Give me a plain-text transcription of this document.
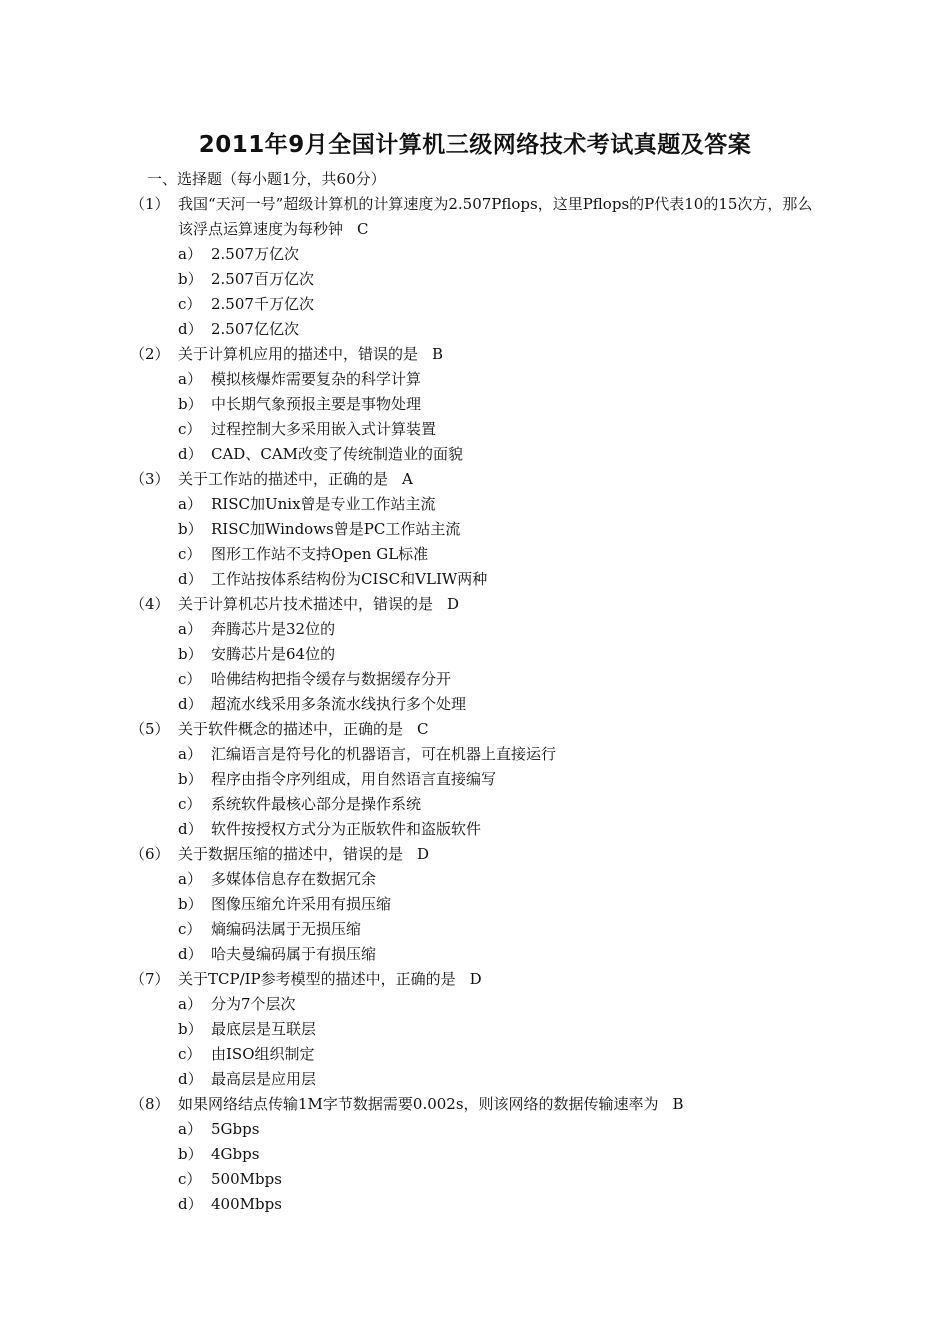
2011年9月全国计算机三级网络技术考试真题及答案
一、选择题（每小题1分，共60分）
（1） 我国“天河一号”超级计算机的计算速度为2.507Pflops，这里Pflops的P代表10的15次方，那么该浮点运算速度为每秒钟 C
a） 2.507万亿次
b） 2.507百万亿次
c） 2.507千万亿次
d） 2.507亿亿次
（2） 关于计算机应用的描述中，错误的是 B
a） 模拟核爆炸需要复杂的科学计算
b） 中长期气象预报主要是事物处理
c） 过程控制大多采用嵌入式计算装置
d） CAD、CAM改变了传统制造业的面貌
（3） 关于工作站的描述中，正确的是 A
a） RISC加Unix曾是专业工作站主流
b） RISC加Windows曾是PC工作站主流
c） 图形工作站不支持Open GL标准
d） 工作站按体系结构份为CISC和VLIW两种
（4） 关于计算机芯片技术描述中，错误的是 D
a） 奔腾芯片是32位的
b） 安腾芯片是64位的
c） 哈佛结构把指令缓存与数据缓存分开
d） 超流水线采用多条流水线执行多个处理
（5） 关于软件概念的描述中，正确的是 C
a） 汇编语言是符号化的机器语言，可在机器上直接运行
b） 程序由指令序列组成，用自然语言直接编写
c） 系统软件最核心部分是操作系统
d） 软件按授权方式分为正版软件和盗版软件
（6） 关于数据压缩的描述中，错误的是 D
a） 多媒体信息存在数据冗余
b） 图像压缩允许采用有损压缩
c） 熵编码法属于无损压缩
d） 哈夫曼编码属于有损压缩
（7） 关于TCP/IP参考模型的描述中，正确的是 D
a） 分为7个层次
b） 最底层是互联层
c） 由ISO组织制定
d） 最高层是应用层
（8） 如果网络结点传输1M字节数据需要0.002s，则该网络的数据传输速率为 B
a） 5Gbps
b） 4Gbps
c） 500Mbps
d） 400Mbps
